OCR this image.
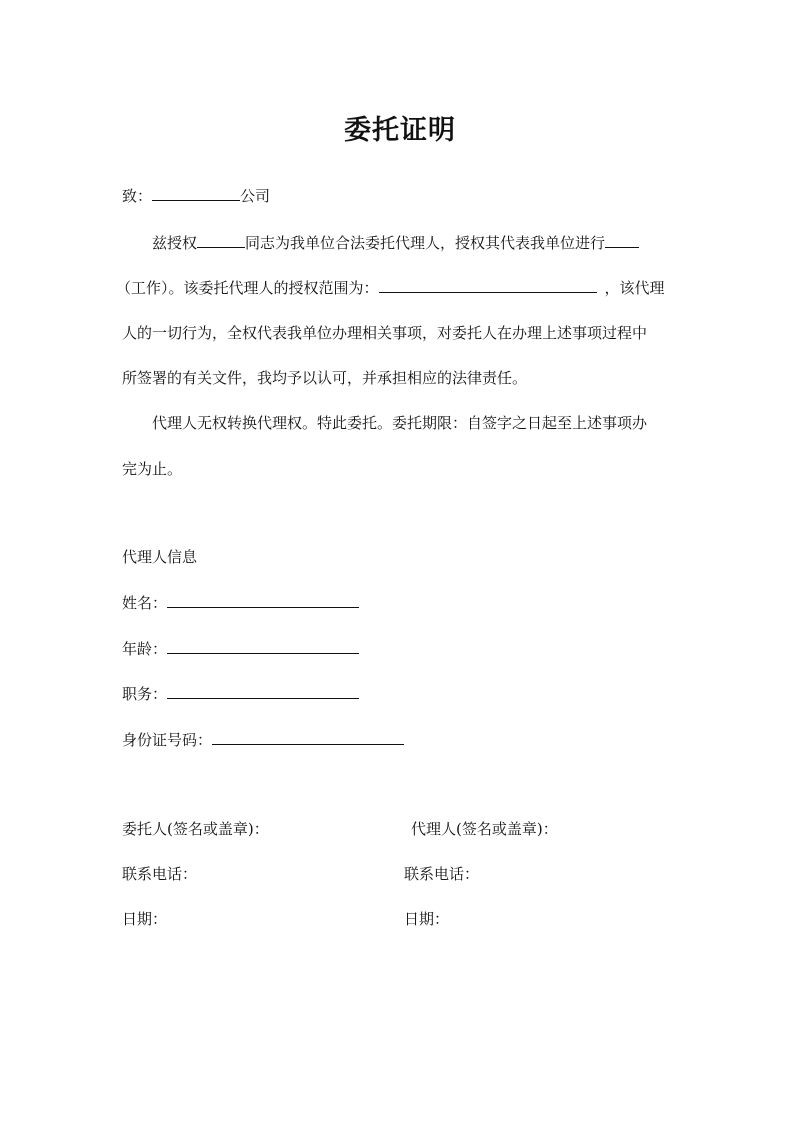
委托证明
致：	公司
兹授权	同志为我单位合法委托代理人，授权其代表我单位进行
（工作）。该委托代理人的授权范围为：	，该代理
人的一切行为，全权代表我单位办理相关事项，对委托人在办理上述事项过程中
所签署的有关文件，我均予以认可，并承担相应的法律责任。
代理人无权转换代理权。特此委托。委托期限：自签字之日起至上述事项办
完为止。
代理人信息
姓名：
年龄：
职务：
身份证号码：
委托人(签名或盖章)：	代理人(签名或盖章)：
联系电话：	联系电话：
日期：	日期：
